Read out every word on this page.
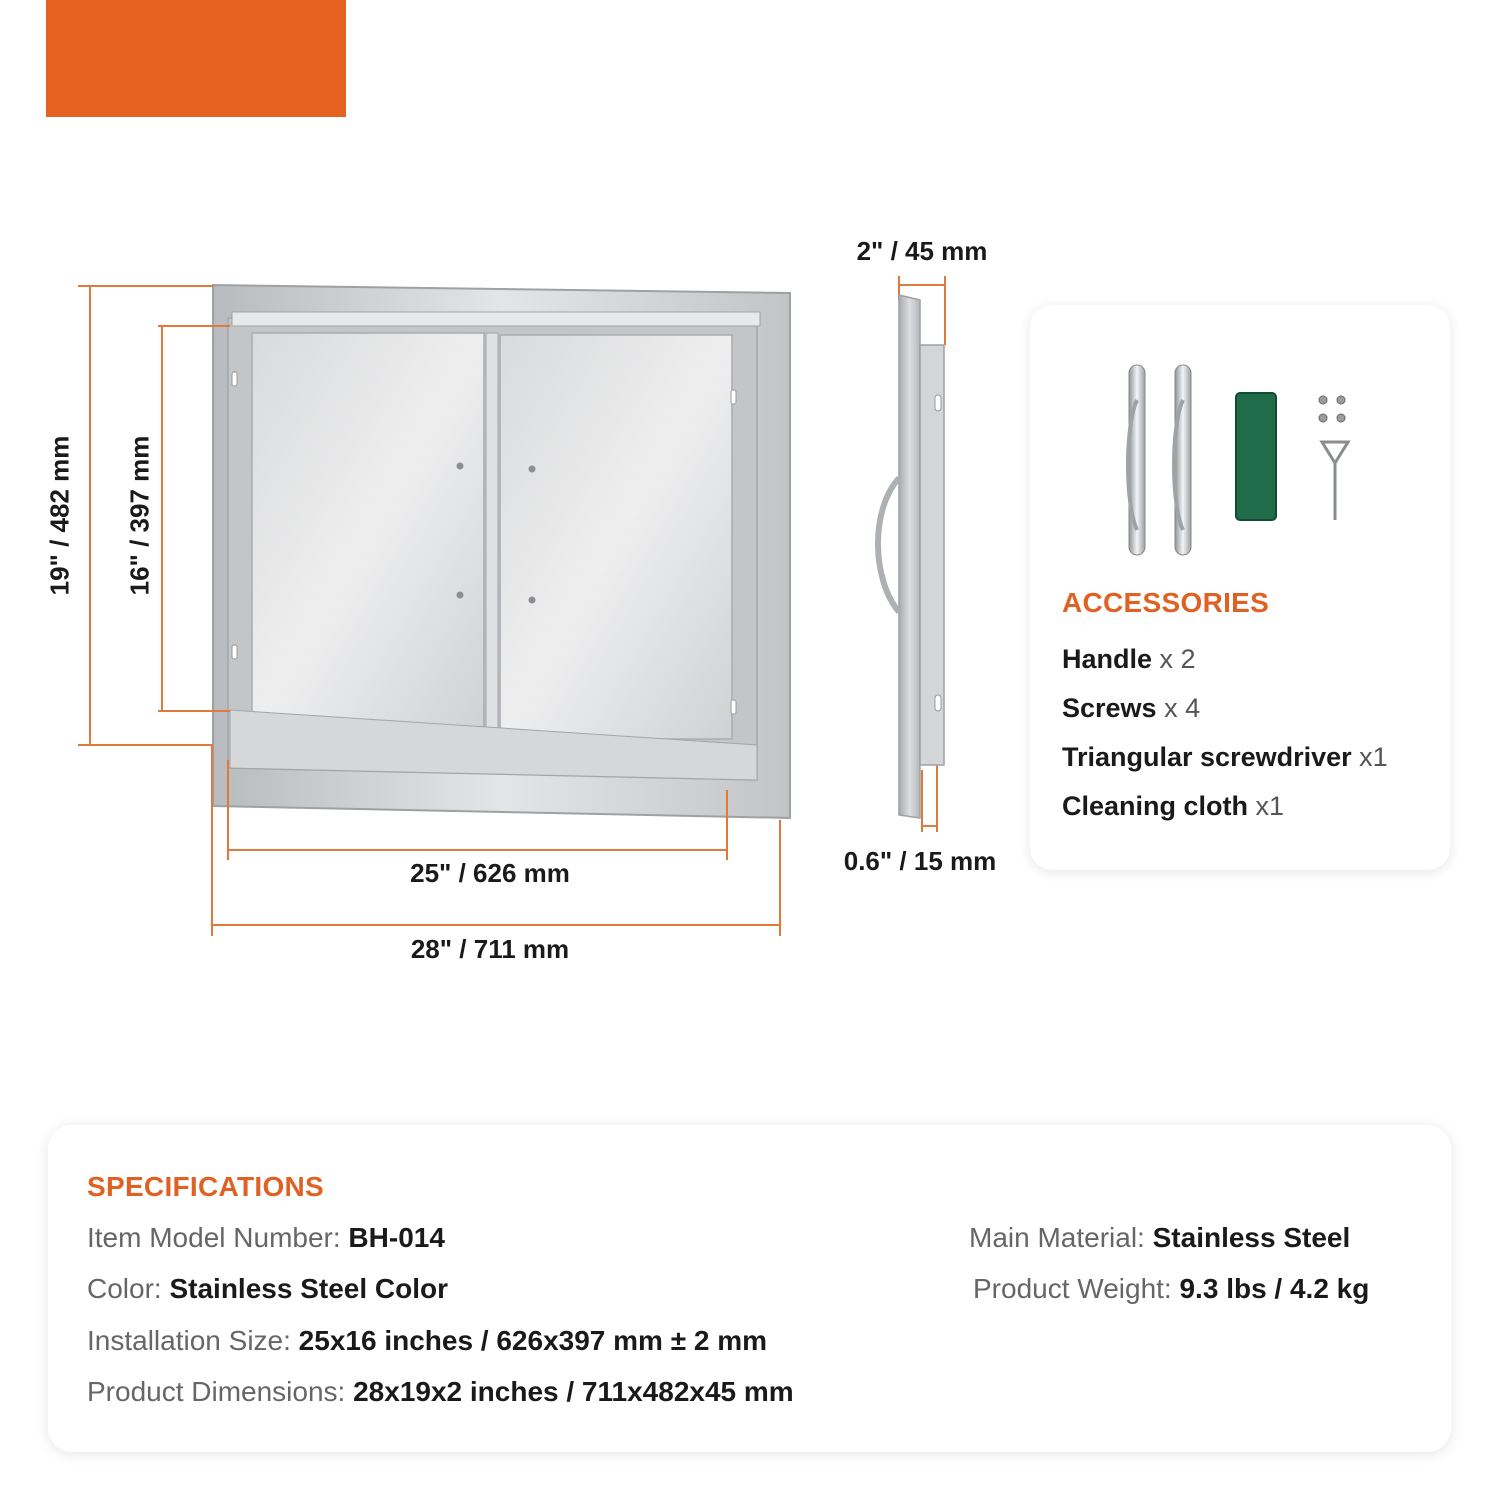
19" / 482 mm 16" / 397 mm
25" / 626 mm
28" / 711 mm
2" / 45 mm
0.6" / 15 mm
ACCESSORIES
Handle x 2
Screws x 4
Triangular screwdriver x1
Cleaning cloth x1
SPECIFICATIONS
Item Model Number: BH-014
Color: Stainless Steel Color
Installation Size: 25x16 inches / 626x397 mm ± 2 mm
Product Dimensions: 28x19x2 inches / 711x482x45 mm
Main Material: Stainless Steel
Product Weight: 9.3 lbs / 4.2 kg
